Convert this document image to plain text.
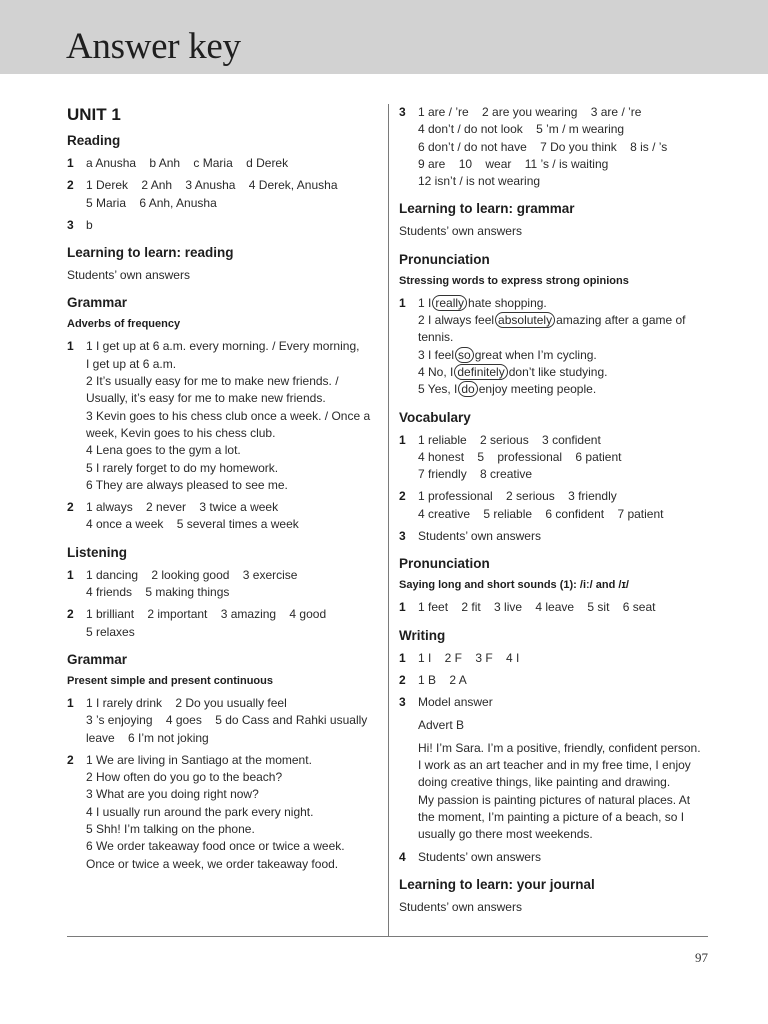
Answer key
UNIT 1
Reading
1	a Anusha    b Anh    c Maria    d Derek
2	1 Derek    2 Anh    3 Anusha    4 Derek, Anusha
5 Maria    6 Anh, Anusha
3	b
Learning to learn: reading
Students’ own answers
Grammar
Adverbs of frequency
1	1 I get up at 6 a.m. every morning. / Every morning,
I get up at 6 a.m.
2 It’s usually easy for me to make new friends. /
Usually, it’s easy for me to make new friends.
3 Kevin goes to his chess club once a week. / Once a
week, Kevin goes to his chess club.
4 Lena goes to the gym a lot.
5 I rarely forget to do my homework.
6 They are always pleased to see me.
2	1 always    2 never    3 twice a week
4 once a week    5 several times a week
Listening
1	1 dancing    2 looking good    3 exercise
4 friends    5 making things
2	1 brilliant    2 important    3 amazing    4 good
5 relaxes
Grammar
Present simple and present continuous
1	1 I rarely drink    2 Do you usually feel
3 ’s enjoying    4 goes    5 do Cass and Rahki usually
leave    6 I’m not joking
2	1 We are living in Santiago at the moment.
2 How often do you go to the beach?
3 What are you doing right now?
4 I usually run around the park every night.
5 Shh! I’m talking on the phone.
6 We order takeaway food once or twice a week.
Once or twice a week, we order takeaway food.
3	1 are / ’re    2 are you wearing    3 are / ’re
4 don’t / do not look    5 ’m / m wearing
6 don’t / do not have    7 Do you think    8 is / ’s
9 are    10    wear    11 ’s / is waiting
12 isn’t / is not wearing
Learning to learn: grammar
Students’ own answers
Pronunciation
Stressing words to express strong opinions
1	1 I really hate shopping.
2 I always feel absolutely amazing after a game of
tennis.
3 I feel so great when I’m cycling.
4 No, I definitely don’t like studying.
5 Yes, I do enjoy meeting people.
Vocabulary
1	1 reliable    2 serious    3 confident
4 honest    5    professional    6 patient
7 friendly    8 creative
2	1 professional    2 serious    3 friendly
4 creative    5 reliable    6 confident    7 patient
3	Students’ own answers
Pronunciation
Saying long and short sounds (1): /iː/ and /ɪ/
1	1 feet    2 fit    3 live    4 leave    5 sit    6 seat
Writing
1	1 I    2 F    3 F    4 I
2	1 B    2 A
3	Model answer
Advert B
Hi! I’m Sara. I’m a positive, friendly, confident person.
I work as an art teacher and in my free time, I enjoy
doing creative things, like painting and drawing.
My passion is painting pictures of natural places. At
the moment, I’m painting a picture of a beach, so I
usually go there most weekends.
4	Students’ own answers
Learning to learn: your journal
Students’ own answers
97
